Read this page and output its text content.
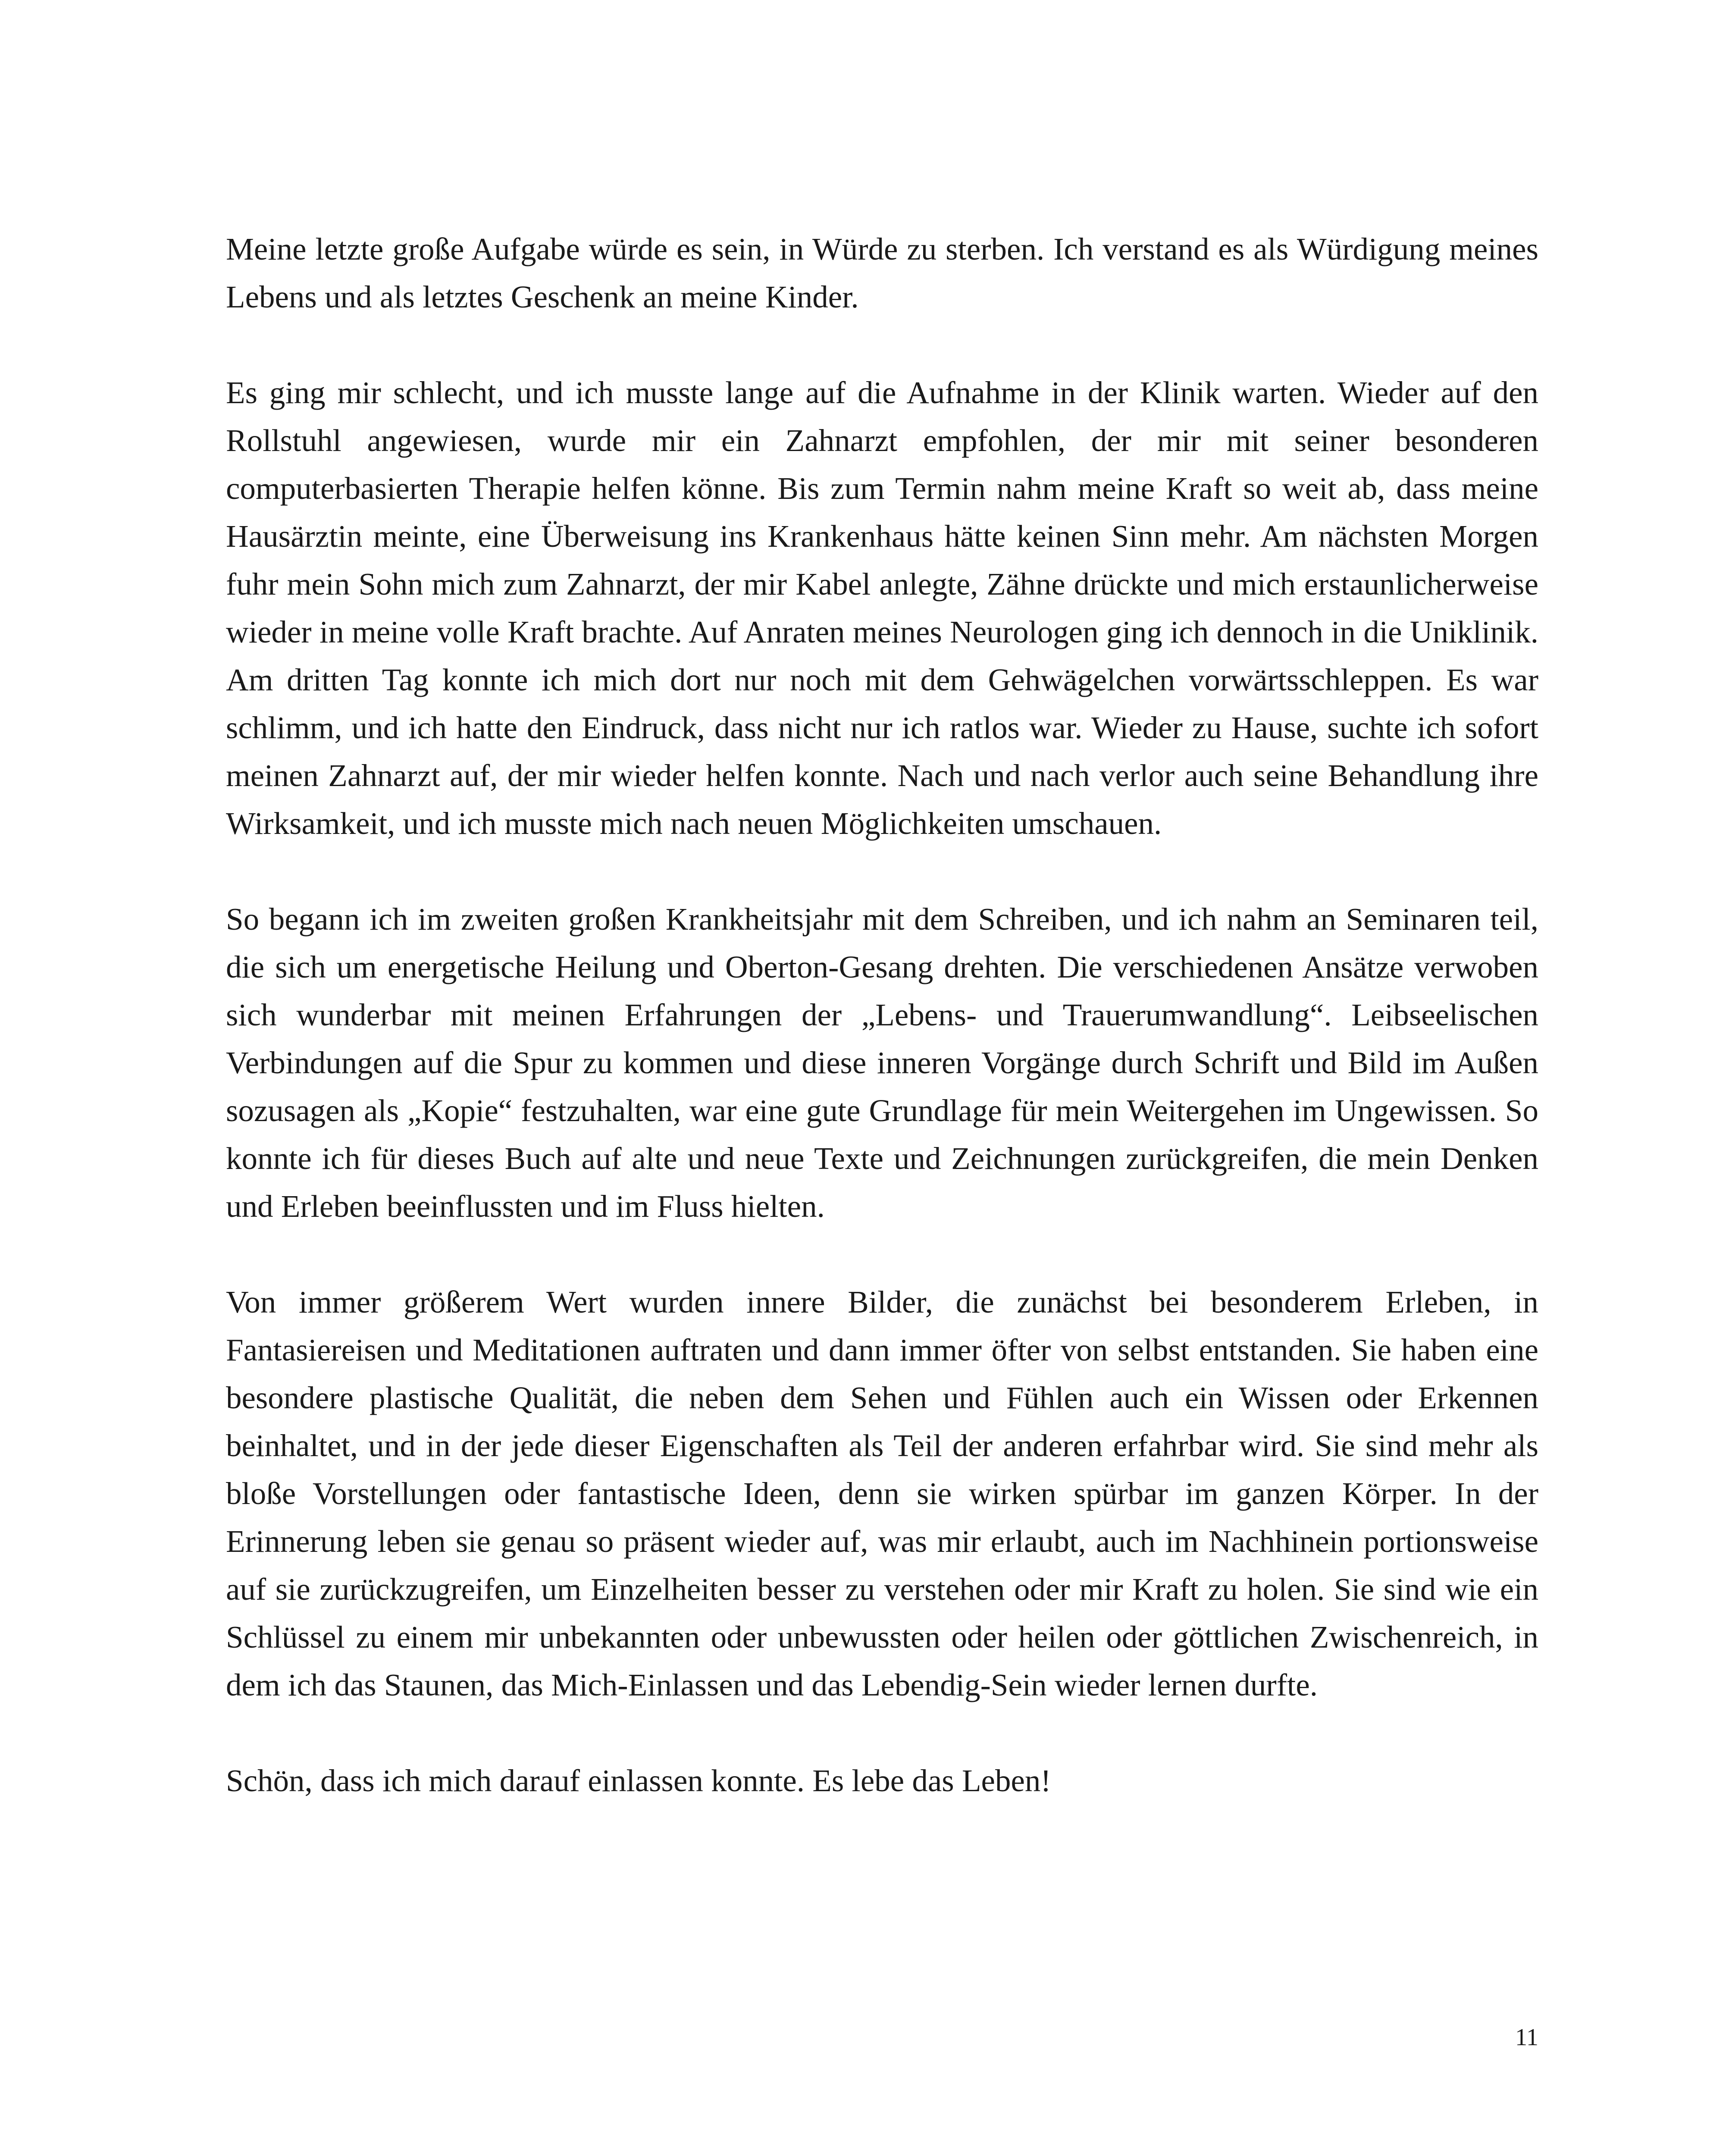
Meine letzte große Aufgabe würde es sein, in Würde zu sterben. Ich verstand es als Würdigung meines Lebens und als letztes Geschenk an meine Kinder.

Es ging mir schlecht, und ich musste lange auf die Aufnahme in der Klinik warten. Wieder auf den Rollstuhl angewiesen, wurde mir ein Zahnarzt empfohlen, der mir mit seiner besonderen computerbasierten Therapie helfen könne. Bis zum Termin nahm meine Kraft so weit ab, dass meine Hausärztin meinte, eine Überweisung ins Krankenhaus hätte keinen Sinn mehr. Am nächsten Morgen fuhr mein Sohn mich zum Zahnarzt, der mir Kabel anlegte, Zähne drückte und mich erstaunlicherweise wieder in meine volle Kraft brachte. Auf Anraten meines Neurologen ging ich dennoch in die Uniklinik. Am dritten Tag konnte ich mich dort nur noch mit dem Gehwägelchen vorwärtsschleppen. Es war schlimm, und ich hatte den Eindruck, dass nicht nur ich ratlos war. Wieder zu Hause, suchte ich sofort meinen Zahnarzt auf, der mir wieder helfen konnte. Nach und nach verlor auch seine Behandlung ihre Wirksamkeit, und ich musste mich nach neuen Möglichkeiten umschauen.

So begann ich im zweiten großen Krankheitsjahr mit dem Schreiben, und ich nahm an Seminaren teil, die sich um energetische Heilung und Oberton-Gesang drehten. Die verschiedenen Ansätze verwoben sich wunderbar mit meinen Erfahrungen der „Lebens- und Trauerumwandlung“. Leibseelischen Verbindungen auf die Spur zu kommen und diese inneren Vorgänge durch Schrift und Bild im Außen sozusagen als „Kopie“ festzuhalten, war eine gute Grundlage für mein Weitergehen im Ungewissen. So konnte ich für dieses Buch auf alte und neue Texte und Zeichnungen zurückgreifen, die mein Denken und Erleben beeinflussten und im Fluss hielten.

Von immer größerem Wert wurden innere Bilder, die zunächst bei besonderem Erleben, in Fantasiereisen und Meditationen auftraten und dann immer öfter von selbst entstanden. Sie haben eine besondere plastische Qualität, die neben dem Sehen und Fühlen auch ein Wissen oder Erkennen beinhaltet, und in der jede dieser Eigenschaften als Teil der anderen erfahrbar wird. Sie sind mehr als bloße Vorstellungen oder fantastische Ideen, denn sie wirken spürbar im ganzen Körper. In der Erinnerung leben sie genau so präsent wieder auf, was mir erlaubt, auch im Nachhinein portionsweise auf sie zurückzugreifen, um Einzelheiten besser zu verstehen oder mir Kraft zu holen. Sie sind wie ein Schlüssel zu einem mir unbekannten oder unbewussten oder heilen oder göttlichen Zwischenreich, in dem ich das Staunen, das Mich-Einlassen und das Lebendig-Sein wieder lernen durfte.

Schön, dass ich mich darauf einlassen konnte. Es lebe das Leben!

11
